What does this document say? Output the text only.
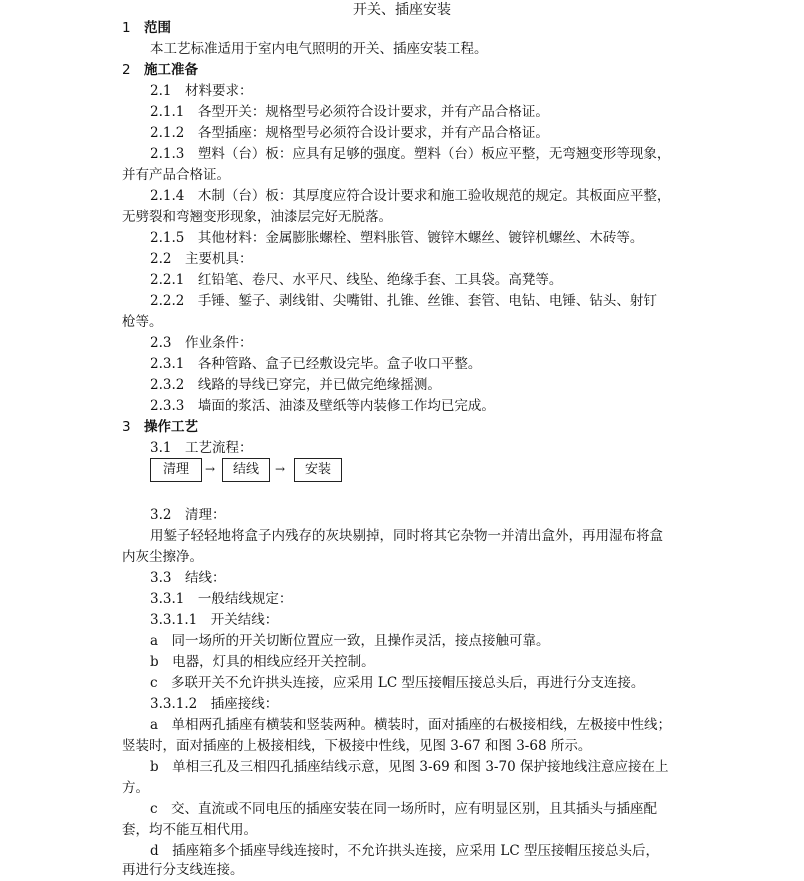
开关、插座安装
1 范围
本工艺标准适用于室内电气照明的开关、插座安装工程。
2 施工准备
2.1　材料要求：
2.1.1　各型开关：规格型号必须符合设计要求，并有产品合格证。
2.1.2　各型插座：规格型号必须符合设计要求，并有产品合格证。
2.1.3　塑料（台）板：应具有足够的强度。塑料（台）板应平整，无弯翘变形等现象，
并有产品合格证。
2.1.4　木制（台）板：其厚度应符合设计要求和施工验收规范的规定。其板面应平整，
无劈裂和弯翘变形现象，油漆层完好无脱落。
2.1.5　其他材料：金属膨胀螺栓、塑料胀管、镀锌木螺丝、镀锌机螺丝、木砖等。
2.2　主要机具：
2.2.1　红铅笔、卷尺、水平尺、线坠、绝缘手套、工具袋。高凳等。
2.2.2　手锤、錾子、剥线钳、尖嘴钳、扎锥、丝锥、套管、电钻、电锤、钻头、射钉
枪等。
2.3　作业条件：
2.3.1　各种管路、盒子已经敷设完毕。盒子收口平整。
2.3.2　线路的导线已穿完，并已做完绝缘摇测。
2.3.3　墙面的浆活、油漆及壁纸等内装修工作均已完成。
3 操作工艺
3.1　工艺流程：
清理	→	结线	→	安装
3.2　清理：
用錾子轻轻地将盒子内残存的灰块剔掉，同时将其它杂物一并清出盒外，再用湿布将盒
内灰尘擦净。
3.3　结线：
3.3.1　一般结线规定：
3.3.1.1　开关结线：
a　同一场所的开关切断位置应一致，且操作灵活，接点接触可靠。
b　电器，灯具的相线应经开关控制。
c　多联开关不允许拱头连接，应采用 LC 型压接帽压接总头后，再进行分支连接。
3.3.1.2　插座接线：
a　单相两孔插座有横装和竖装两种。横装时，面对插座的右极接相线，左极接中性线；
竖装时，面对插座的上极接相线，下极接中性线，见图 3-67 和图 3-68 所示。
b　单相三孔及三相四孔插座结线示意，见图 3-69 和图 3-70 保护接地线注意应接在上
方。
c　交、直流或不同电压的插座安装在同一场所时，应有明显区别，且其插头与插座配
套，均不能互相代用。
d　插座箱多个插座导线连接时，不允许拱头连接，应采用 LC 型压接帽压接总头后，
再进行分支线连接。
